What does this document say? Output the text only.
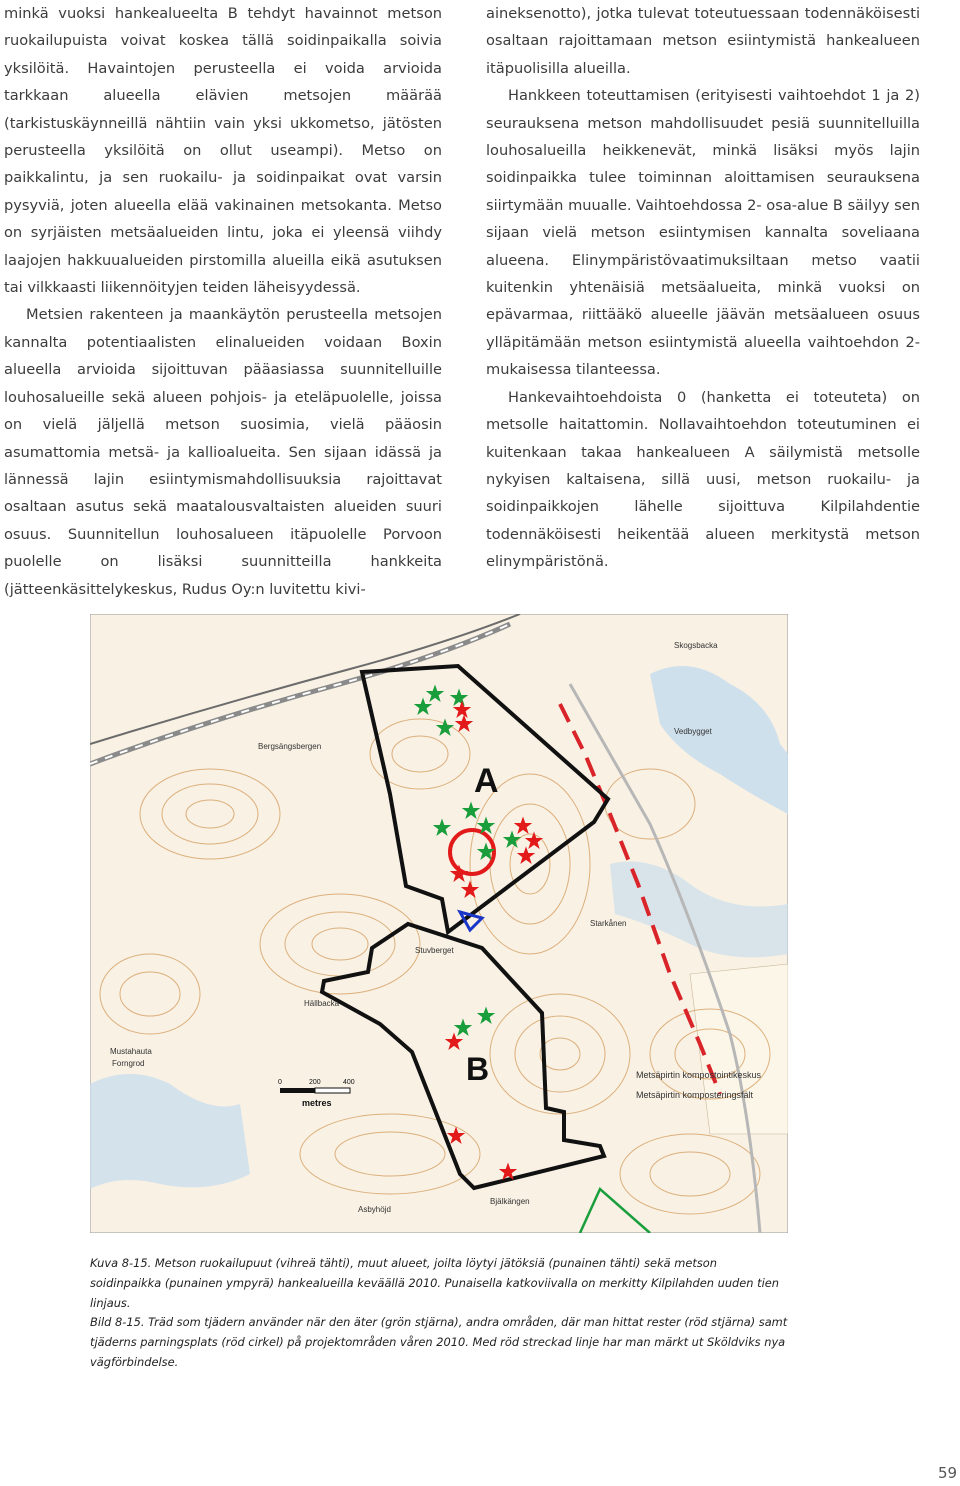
minkä vuoksi hankealueelta B tehdyt havainnot metson ruokailupuista voivat koskea tällä soidinpaikalla soivia yksilöitä. Havaintojen perusteella ei voida arvioida tarkkaan alueella elävien metsojen määrää (tarkistuskäynneillä nähtiin vain yksi ukkometso, jätösten perusteella yksilöitä on ollut useampi). Metso on paikkalintu, ja sen ruokailu- ja soidinpaikat ovat varsin pysyviä, joten alueella elää vakinainen metsokanta. Metso on syrjäisten metsäalueiden lintu, joka ei yleensä viihdy laajojen hakkuualueiden pirstomilla alueilla eikä asutuksen tai vilkkaasti liikennöityjen teiden läheisyydessä.

Metsien rakenteen ja maankäytön perusteella metsojen kannalta potentiaalisten elinalueiden voidaan Boxin alueella arvioida sijoittuvan pääasiassa suunnitelluille louhosalueille sekä alueen pohjois- ja eteläpuolelle, joissa on vielä jäljellä metson suosimia, vielä pääosin asumattomia metsä- ja kallioalueita. Sen sijaan idässä ja lännessä lajin esiintymismahdollisuuksia rajoittavat osaltaan asutus sekä maatalousvaltaisten alueiden suuri osuus. Suunnitellun louhosalueen itäpuolelle Porvoon puolelle on lisäksi suunnitteilla hankkeita (jätteenkäsittelykeskus, Rudus Oy:n luvitettu kivi-

aineksenotto), jotka tulevat toteutuessaan todennäköisesti osaltaan rajoittamaan metson esiintymistä hankealueen itäpuolisilla alueilla.

Hankkeen toteuttamisen (erityisesti vaihtoehdot 1 ja 2) seurauksena metson mahdollisuudet pesiä suunnitelluilla louhosalueilla heikkenevät, minkä lisäksi myös lajin soidinpaikka tulee toiminnan aloittamisen seurauksena siirtymään muualle. Vaihtoehdossa 2- osa-alue B säilyy sen sijaan vielä metson esiintymisen kannalta soveliaana alueena. Elinympäristövaatimuksiltaan metso vaatii kuitenkin yhtenäisiä metsäalueita, minkä vuoksi on epävarmaa, riittääkö alueelle jäävän metsäalueen osuus ylläpitämään metson esiintymistä alueella vaihtoehdon 2- mukaisessa tilanteessa.

Hankevaihtoehdoista 0 (hanketta ei toteuteta) on metsolle haitattomin. Nollavaihtoehdon toteutuminen ei kuitenkaan takaa hankealueen A säilymistä metsolle nykyisen kaltaisena, sillä uusi, metson ruokailu- ja soidinpaikkojen lähelle sijoittuva Kilpilahdentie todennäköisesti heikentää alueen merkitystä metson elinympäristönä.

A
B
Bergsängsbergen
Skogsbacka
Vedbygget
Starkånen
Stuvberget
Hällbacka
Mustahauta
Forngrod
Metsäpirtin kompostointikeskus
Metsäpirtin komposteringsfält
Asbyhöjd
Bjälkängen
0	200	400
metres

Kuva 8-15. Metson ruokailupuut (vihreä tähti), muut alueet, joilta löytyi jätöksiä (punainen tähti) sekä metson soidinpaikka (punainen ympyrä) hankealueilla keväällä 2010. Punaisella katkoviivalla on merkitty Kilpilahden uuden tien linjaus.

Bild 8-15. Träd som tjädern använder när den äter (grön stjärna), andra områden, där man hittat rester (röd stjärna) samt tjäderns parningsplats (röd cirkel) på projektområden våren 2010. Med röd streckad linje har man märkt ut Sköldviks nya vägförbindelse.

59
